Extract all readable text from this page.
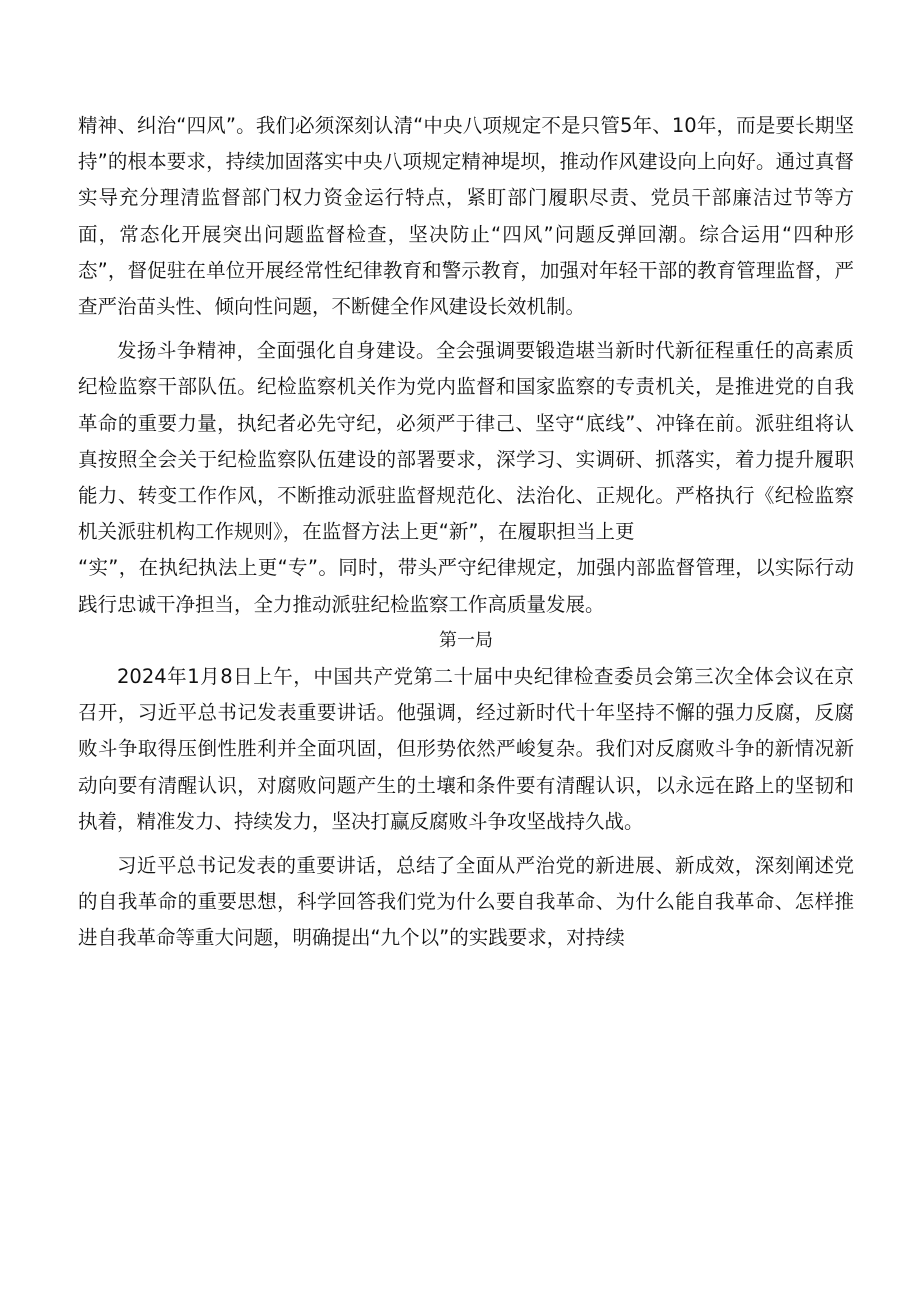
精神、纠治“四风”。我们必须深刻认清“中央八项规定不是只管5年、10年，而是要长期坚持”的根本要求，持续加固落实中央八项规定精神堤坝，推动作风建设向上向好。通过真督实导充分理清监督部门权力资金运行特点，紧盯部门履职尽责、党员干部廉洁过节等方面，常态化开展突出问题监督检查，坚决防止“四风”问题反弹回潮。综合运用“四种形态”，督促驻在单位开展经常性纪律教育和警示教育，加强对年轻干部的教育管理监督，严查严治苗头性、倾向性问题，不断健全作风建设长效机制。

发扬斗争精神，全面强化自身建设。全会强调要锻造堪当新时代新征程重任的高素质纪检监察干部队伍。纪检监察机关作为党内监督和国家监察的专责机关，是推进党的自我革命的重要力量，执纪者必先守纪，必须严于律己、坚守“底线”、冲锋在前。派驻组将认真按照全会关于纪检监察队伍建设的部署要求，深学习、实调研、抓落实，着力提升履职能力、转变工作作风，不断推动派驻监督规范化、法治化、正规化。严格执行《纪检监察机关派驻机构工作规则》，在监督方法上更“新”，在履职担当上更

“实”，在执纪执法上更“专”。同时，带头严守纪律规定，加强内部监督管理，以实际行动践行忠诚干净担当，全力推动派驻纪检监察工作高质量发展。

第一局

2024年1月8日上午，中国共产党第二十届中央纪律检查委员会第三次全体会议在京召开，习近平总书记发表重要讲话。他强调，经过新时代十年坚持不懈的强力反腐，反腐败斗争取得压倒性胜利并全面巩固，但形势依然严峻复杂。我们对反腐败斗争的新情况新动向要有清醒认识，对腐败问题产生的土壤和条件要有清醒认识，以永远在路上的坚韧和执着，精准发力、持续发力，坚决打赢反腐败斗争攻坚战持久战。

习近平总书记发表的重要讲话，总结了全面从严治党的新进展、新成效，深刻阐述党的自我革命的重要思想，科学回答我们党为什么要自我革命、为什么能自我革命、怎样推进自我革命等重大问题，明确提出“九个以”的实践要求，对持续
